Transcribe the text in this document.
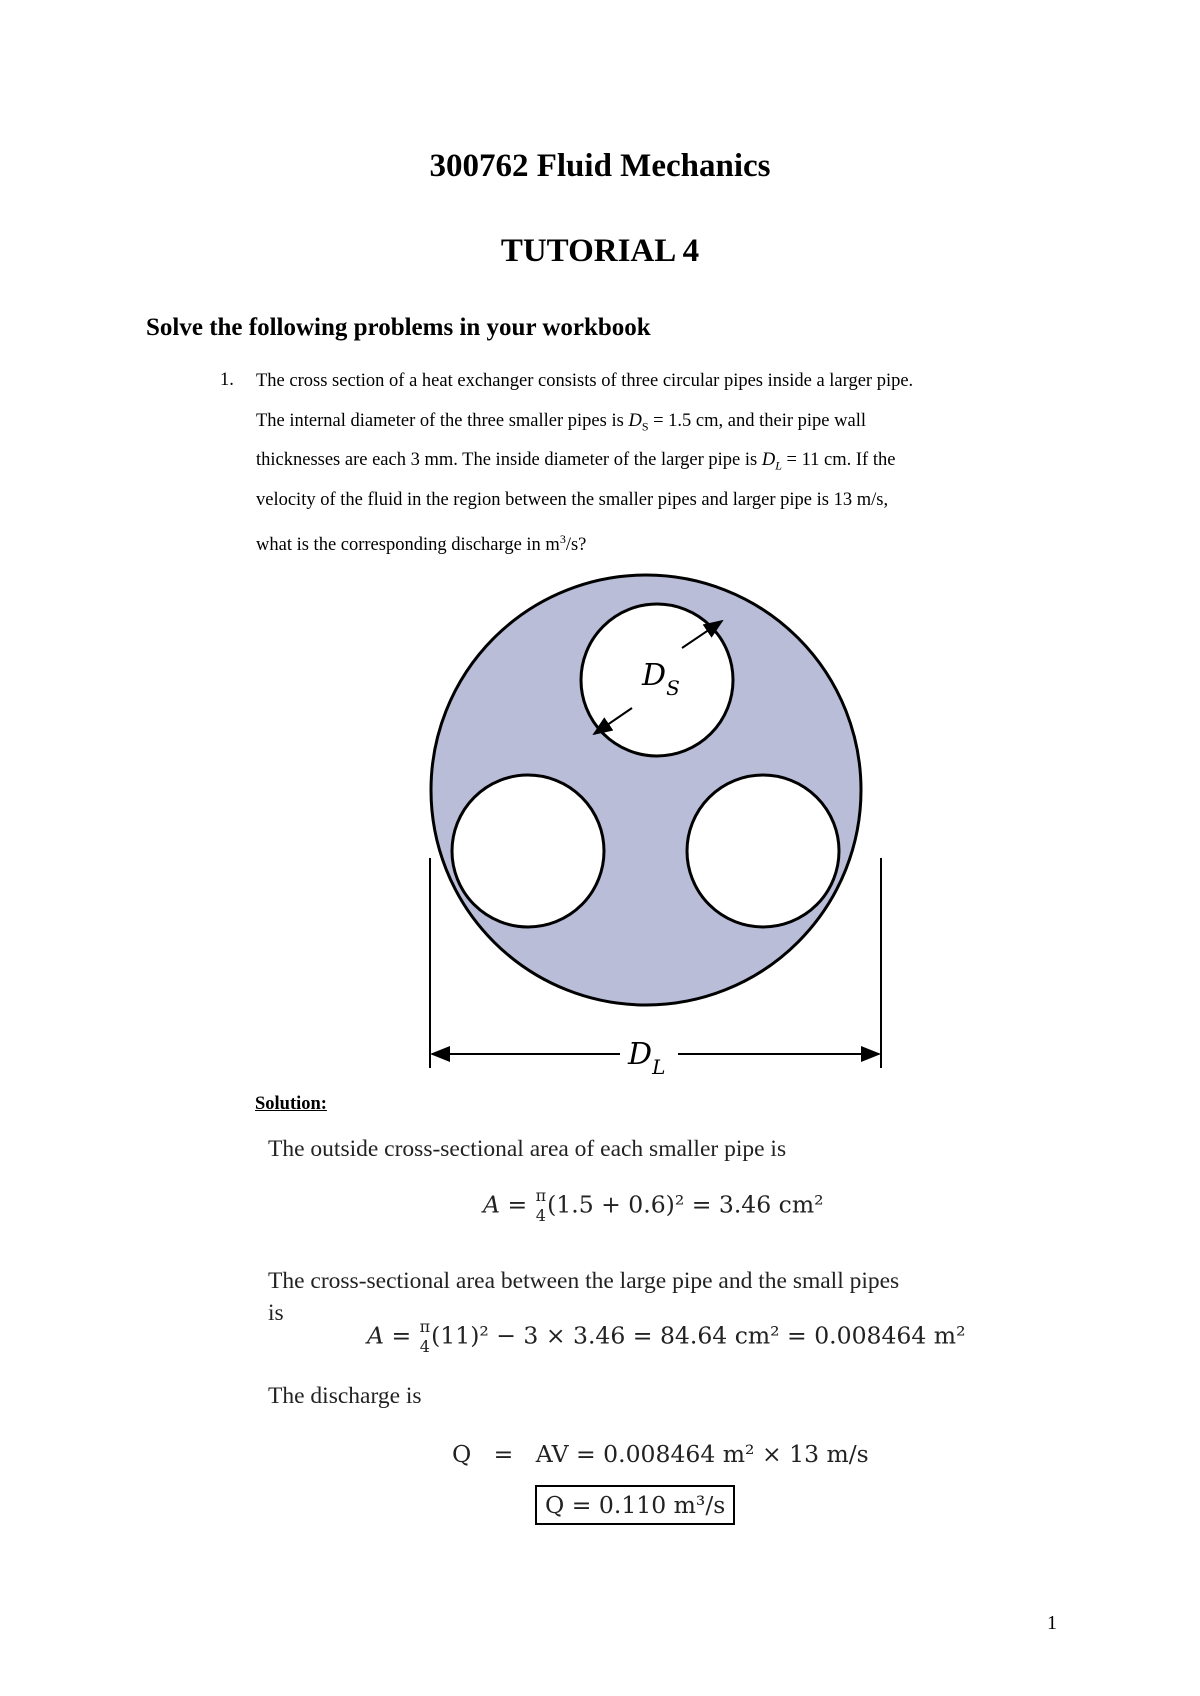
300762 Fluid Mechanics
TUTORIAL 4
Solve the following problems in your workbook
1. The cross section of a heat exchanger consists of three circular pipes inside a larger pipe.
The internal diameter of the three smaller pipes is $D_S = 1.5$ cm, and their pipe wall
thicknesses are each 3 mm. The inside diameter of the larger pipe is $D_L = 11$ cm. If the
velocity of the fluid in the region between the smaller pipes and larger pipe is 13 m/s,
what is the corresponding discharge in $m^3/s$?
$D_S$
$D_L$
Solution:
The outside cross-sectional area of each smaller pipe is
A = π
4 (1.5 + 0.6)² = 3.46 cm²
The cross-sectional area between the large pipe and the small pipes
is
A = π
4 (11)² − 3 × 3.46 = 84.64 cm² = 0.008464 m²
The discharge is
Q   =   AV = 0.008464 m² × 13 m/s
Q = 0.110 m³/s
1
